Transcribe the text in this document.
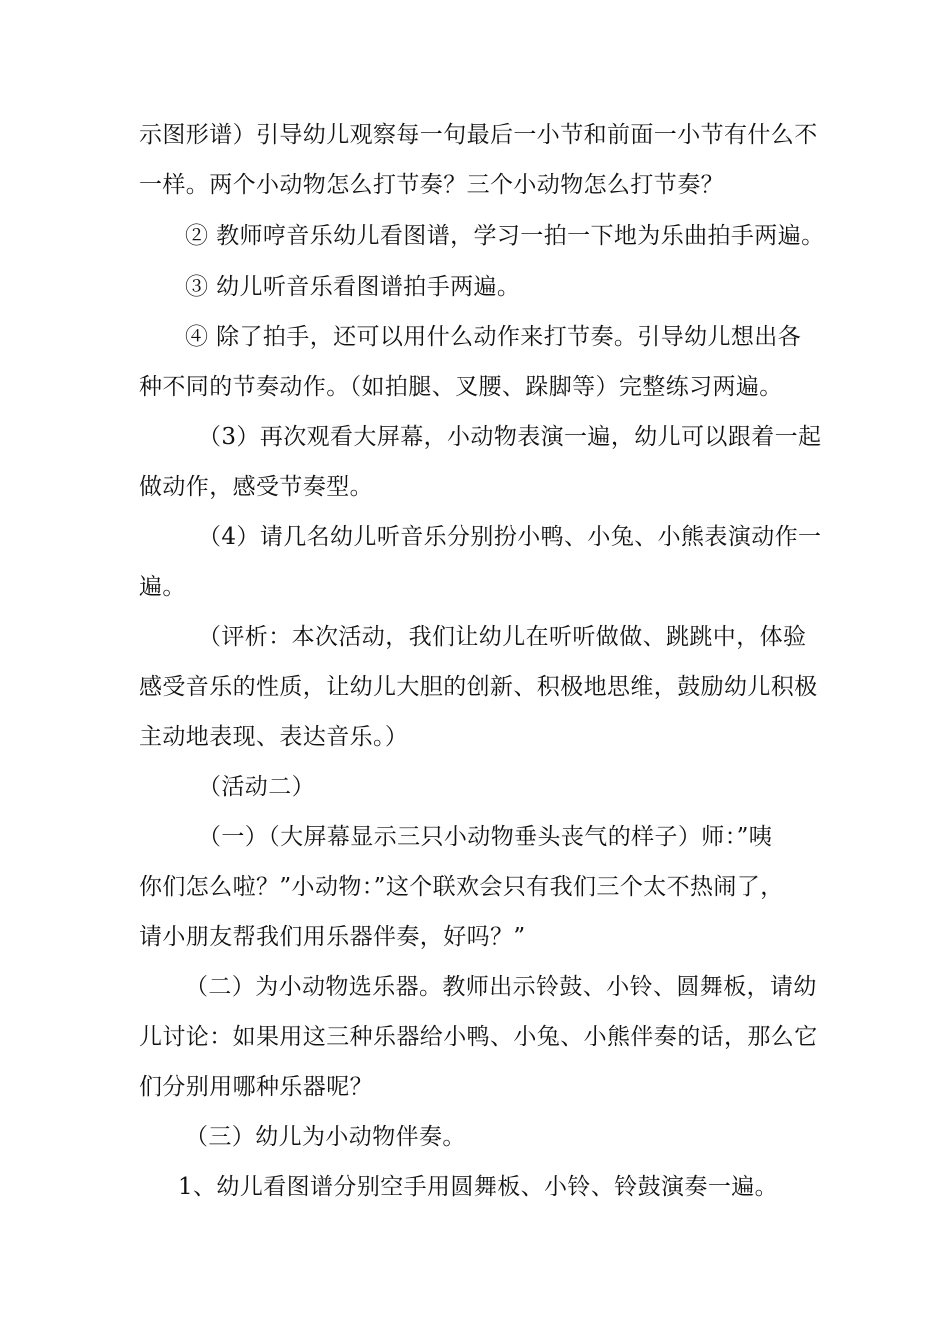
示图形谱）引导幼儿观察每一句最后一小节和前面一小节有什么不
一样。两个小动物怎么打节奏？三个小动物怎么打节奏？
② 教师哼音乐幼儿看图谱，学习一拍一下地为乐曲拍手两遍。
③ 幼儿听音乐看图谱拍手两遍。
④ 除了拍手，还可以用什么动作来打节奏。引导幼儿想出各
种不同的节奏动作。（如拍腿、叉腰、跺脚等）完整练习两遍。
（3）再次观看大屏幕，小动物表演一遍，幼儿可以跟着一起
做动作，感受节奏型。
（4）请几名幼儿听音乐分别扮小鸭、小兔、小熊表演动作一
遍。
（评析：本次活动，我们让幼儿在听听做做、跳跳中，体验
感受音乐的性质，让幼儿大胆的创新、积极地思维，鼓励幼儿积极
主动地表现、表达音乐。）
（活动二）
（一）（大屏幕显示三只小动物垂头丧气的样子）师：”咦
你们怎么啦？”小动物：”这个联欢会只有我们三个太不热闹了，
请小朋友帮我们用乐器伴奏，好吗？”
（二）为小动物选乐器。教师出示铃鼓、小铃、圆舞板，请幼
儿讨论：如果用这三种乐器给小鸭、小兔、小熊伴奏的话，那么它
们分别用哪种乐器呢？
（三）幼儿为小动物伴奏。
1、幼儿看图谱分别空手用圆舞板、小铃、铃鼓演奏一遍。
